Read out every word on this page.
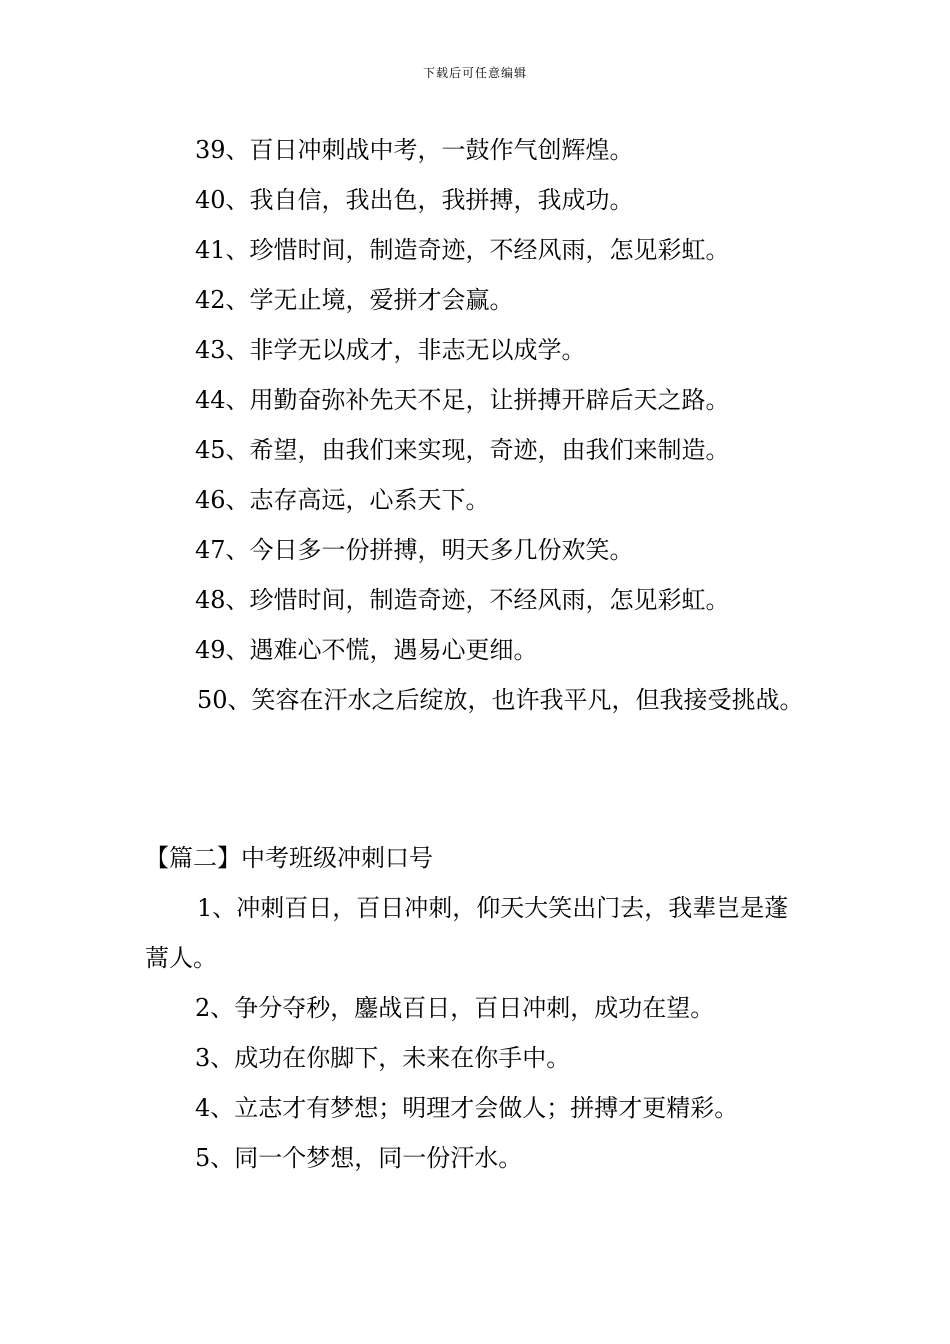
下载后可任意编辑
39、百日冲刺战中考，一鼓作气创辉煌。
40、我自信，我出色，我拼搏，我成功。
41、珍惜时间，制造奇迹，不经风雨，怎见彩虹。
42、学无止境，爱拼才会赢。
43、非学无以成才，非志无以成学。
44、用勤奋弥补先天不足，让拼搏开辟后天之路。
45、希望，由我们来实现，奇迹，由我们来制造。
46、志存高远，心系天下。
47、今日多一份拼搏，明天多几份欢笑。
48、珍惜时间，制造奇迹，不经风雨，怎见彩虹。
49、遇难心不慌，遇易心更细。
50、笑容在汗水之后绽放，也许我平凡，但我接受挑战。
【篇二】中考班级冲刺口号
1、冲刺百日，百日冲刺，仰天大笑出门去，我辈岂是蓬蒿人。
2、争分夺秒，鏖战百日，百日冲刺，成功在望。
3、成功在你脚下，未来在你手中。
4、立志才有梦想；明理才会做人；拼搏才更精彩。
5、同一个梦想，同一份汗水。
